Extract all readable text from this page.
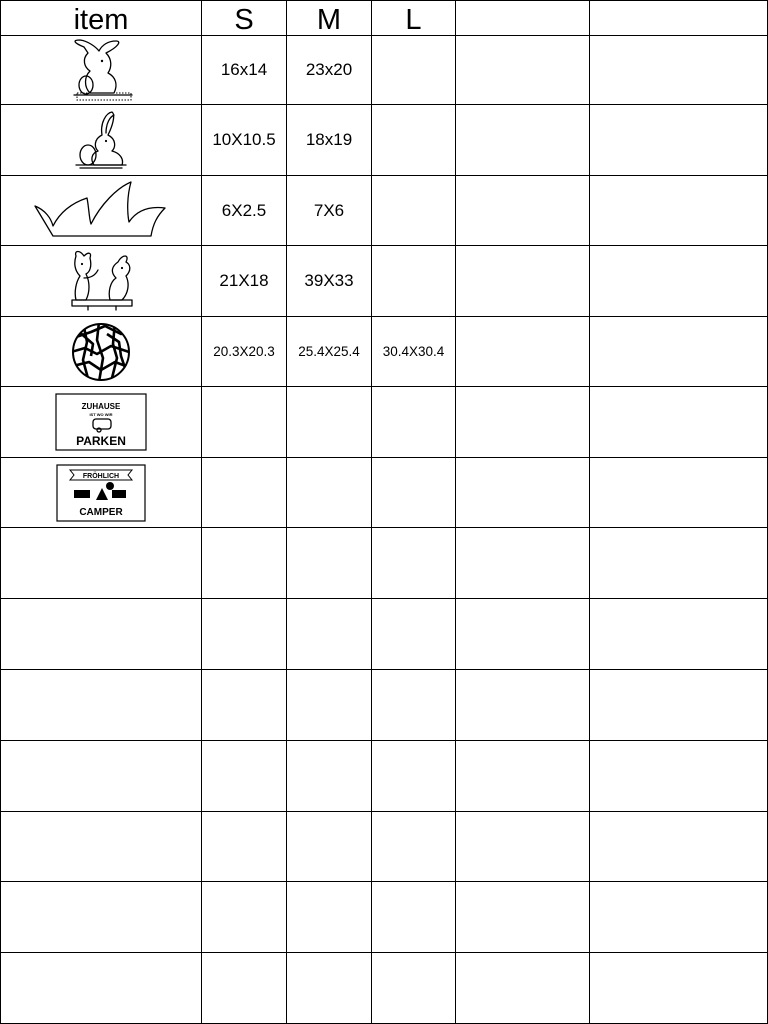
item	S M L
16x14 23x20
10X10.5 18x19
6X2.5	7X6
21X18 39X33
20.3X20.3 25.4X25.4 30.4X30.4
ZUHAUSE
IST WO WIR
PARKEN
FRÖHLICH
CAMPER
